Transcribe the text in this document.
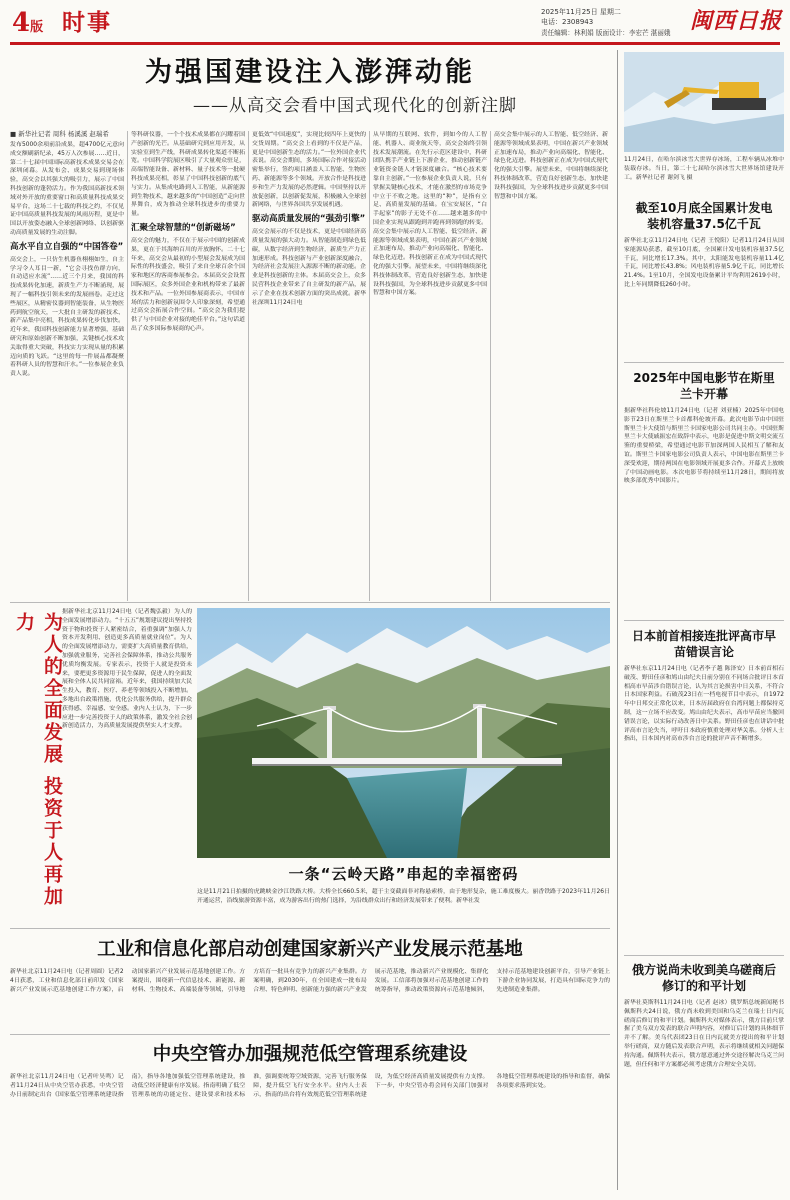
4版 时事	2025年11月25日 星期二
电话：2308943
责任编辑：林利娟 版面设计：李宏芒 湛丽娥 闽西日报
为强国建设注入澎湃动能
——从高交会看中国式现代化的创新注脚
■ 新华社记者 周科 杨溪溪 赵瑞希
发布5000余项前沿成果，超4700亿元意向成交额刷新纪录，45万人次参展……近日，第二十七届中国国际高新技术成果交易会在深圳闭幕。从发布会、成果交易到现场体验，高交会以其强大的吸引力，展示了中国科技创新的蓬勃活力。作为我国高新技术领域对外开放的重要窗口和高质量科技成果交易平台，这场二十七载的科技之约，不仅见证中国高质量科技发展的风雨历程，更是中国以开放姿态融入全球创新网络、以创新驱动高质量发展的生动注脚。
高水平自立自强的“中国答卷”
高交会上，一只仿生机器鱼栩栩如生，自主学习令人耳目一新，“它会寻找鱼群方向，自动适应水流”……近三个月来，我国的科技成果转化加速，新质生产力不断涌现，展现了一幅科技引领未来的发展画卷。走过这些展区，从精密仪器到智能装备，从生物医药到航空航天，一大批自主研发的新技术、新产品集中亮相，科技成果转化步伐加快。近年来，我国科技创新能力显著增强，基础研究和原始创新不断加强，关键核心技术攻关取得重大突破，科技实力实现从量的积累迈向质的飞跃。“这里的每一件展品都凝聚着科研人员的智慧和汗水。”一位参展企业负责人说。
等科研仪器，一个个技术成果都在闪耀着国产创新的光芒。从基础研究到应用开发，从实验室到生产线，科研成果转化渠道不断拓宽。中国科学院展区吸引了大量观众驻足，高端智能设备、新材料、量子技术等一批硬科技成果亮相，彰显了中国科技创新的底气与实力。从集成电路到人工智能，从新能源到生物技术，越来越多的“中国创造”走向世界舞台，成为推动全球科技进步的重要力量。
汇聚全球智慧的“创新磁场”
高交会的魅力，不仅在于展示中国的创新成果，更在于其海纳百川的开放胸怀。二十七年来，高交会从最初的小型展会发展成为国际性的科技盛会，吸引了来自全球百余个国家和地区的客商参展参会。本届高交会设置国际展区，众多外国企业和机构带来了最新技术和产品。一位外国参展商表示，中国市场的活力和创新氛围令人印象深刻，希望通过高交会拓展合作空间。“高交会为我们提供了与中国企业对接的绝佳平台。”这句话道出了众多国际参展商的心声。
更低效“中国速度”，实现比较四年上更快的交货周期。“高交会上看到的不仅是产品，更是中国创新生态的活力。”一位外国企业代表说。高交会期间，多场国际合作对接活动密集举行，签约项目涵盖人工智能、生物医药、新能源等多个领域。开放合作是科技进步和生产力发展的必然逻辑。中国坚持以开放促创新，以创新促发展，积极融入全球创新网络，与世界各国共享发展机遇。
驱动高质量发展的“强劲引擎”
高交会展示的不仅是技术，更是中国经济高质量发展的强大动力。从智能制造到绿色低碳，从数字经济到生物经济，新质生产力正加速形成。科技创新与产业创新深度融合，为经济社会发展注入源源不断的新动能。企业是科技创新的主体。本届高交会上，众多民营科技企业带来了自主研发的新产品，展示了企业在技术创新方面的突出成就。新华社深圳11月24日电
从早期的互联网、软件，到如今的人工智能、机器人、商业航天等，高交会始终引领技术发展潮流。在先行示范区建设中，科研团队携手产业链上下游企业，推动创新链产业链资金链人才链深度融合。“核心技术要靠自主创新。”一位参展企业负责人说，只有掌握关键核心技术，才能在激烈的市场竞争中立于不败之地。这里的“种”，是指有立足、高质量发展的基础。在宝安展区，“白手起家”的影子无处不在……越来越多的中国企业实现从跟跑到并跑再到领跑的转变。 高交会集中展示的人工智能、低空经济、新能源等领域成果表明，中国在新兴产业领域正加速布局，推动产业向高端化、智能化、绿色化迈进。科技创新正在成为中国式现代化的强大引擎。展望未来，中国将继续深化科技体制改革，营造良好创新生态，加快建设科技强国，为全球科技进步贡献更多中国智慧和中国方案。
高交会集中展示的人工智能、低空经济、新能源等领域成果表明，中国在新兴产业领域正加速布局，推动产业向高端化、智能化、绿色化迈进。科技创新正在成为中国式现代化的强大引擎。展望未来，中国将继续深化科技体制改革，营造良好创新生态，加快建设科技强国，为全球科技进步贡献更多中国智慧和中国方案。
11月24日，在哈尔滨冰雪大世界存冰场，工程车辆从冰堆中装载存冰。当日，第二十七届哈尔滨冰雪大世界场馆建设开工。新华社记者 谢剑飞 摄
截至10月底全国累计发电装机容量37.5亿千瓦
新华社北京11月24日电（记者 王悦阳）记者11月24日从国家能源局获悉，截至10月底，全国累计发电装机容量37.5亿千瓦，同比增长17.3%。其中，太阳能发电装机容量11.4亿千瓦，同比增长43.8%；风电装机容量5.9亿千瓦，同比增长21.4%。1至10月，全国发电设备累计平均利用2619小时，比上年同期降低260小时。
2025年中国电影节在斯里兰卡开幕
据新华社科伦坡11月24日电（记者 刘亚楠）2025年中国电影节23日在斯里兰卡首都科伦坡开幕。此次电影节由中国驻斯里兰卡大使馆与斯里兰卡国家电影公司共同主办。中国驻斯里兰卡大使戚振宏在致辞中表示，电影是促进中斯文明交流互鉴的重要桥梁，希望通过电影节加深两国人民相互了解和友谊。斯里兰卡国家电影公司负责人表示，中国电影在斯里兰卡深受欢迎，期待两国在电影领域开展更多合作。开幕式上放映了中国动画电影。本次电影节将持续至11月28日，期间将放映多部优秀中国影片。
日本前首相接连批评高市早苗错误言论
新华社东京11月24日电（记者李子越 陈泽安）日本前首相石破茂、野田佳彦和鸠山由纪夫日前分别在不同场合批评日本首相高市早苗涉台错误言论，认为其言论损害中日关系，不符合日本国家利益。石破茂23日在一档电视节目中表示，自1972年中日邦交正常化以来，日本历届政府在台湾问题上都保持克制，这一立场不应改变。鸠山由纪夫表示，高市早苗应当撤回错误言论，以实际行动改善日中关系。野田佳彦也在讲话中批评高市言论失当，呼吁日本政府慎重处理对华关系。分析人士指出，日本国内对高市涉台言论的批评声音不断增多。
俄方说尚未收到美乌磋商后修订的和平计划
新华社莫斯科11月24日电（记者 赵冰）俄罗斯总统新闻秘书佩斯科夫24日说，俄方尚未收到美国和乌克兰在瑞士日内瓦磋商后修订的和平计划。佩斯科夫对媒体表示，俄方目前只掌握了美乌双方发表的联合声明内容，对修订后计划的具体细节并不了解。美乌代表团23日在日内瓦就美方提出的和平计划举行磋商，双方随后发表联合声明，表示将继续就相关问题保持沟通。佩斯科夫表示，俄方愿意通过外交途径解决乌克兰问题，但任何和平方案都必须考虑俄方合理安全关切。
为人的全面发展 投资于人再加力	据新华社北京11月24日电（记者魏弘毅）为人的全面发展增添动力。“十五五”规划建议提出坚持投资于物和投资于人紧密结合，着重强调“加强人力资本开发利用、创造更多高质量就业岗位”。为人的全面发展增添动力，需要扩大高质量教育供给，加强就业服务，完善社会保障体系，推动公共服务优质均衡发展。专家表示，投资于人就是投资未来，要把更多资源用于民生保障，促进人的全面发展和全体人民共同富裕。近年来，我国持续加大民生投入，教育、医疗、养老等领域投入不断增加。多地出台政策措施，优化公共服务供给，提升群众获得感、幸福感、安全感。业内人士认为，下一步应进一步完善投资于人的政策体系，激发全社会创新创造活力，为高质量发展提供坚实人才支撑。
一条“云岭天路”串起的幸福密码
这是11月21日拍摄的虎跳峡金沙江铁路大桥。大桥全长660.5米，超于主变截面非对称悬索桥，由于地形复杂，施工难度极大。丽香铁路于2023年11月26日开通运营，沿线旅游资源丰富，成为游客出行的热门选择，为沿线群众出行和经济发展带来了便利。新华社发
工业和信息化部启动创建国家新兴产业发展示范基地
新华社北京11月24日电（记者周圆）记者24日获悉，工业和信息化部日前印发《国家新兴产业发展示范基地创建工作方案》，启动国家新兴产业发展示范基地创建工作。方案提出，围绕新一代信息技术、新能源、新材料、生物技术、高端装备等领域，引导地方培育一批具有竞争力的新兴产业集群。方案明确，到2030年，在全国建成一批布局合理、特色鲜明、创新能力强的新兴产业发展示范基地，推动新兴产业规模化、集群化发展。工信部将加强对示范基地创建工作的统筹指导，推动政策资源向示范基地倾斜，支持示范基地建设创新平台，引导产业链上下游企业协同发展，打造具有国际竞争力的先进制造业集群。
中央空管办加强规范低空管理系统建设
新华社北京11月24日电（记者叶昊鸣）记者11月24日从中央空管办获悉，中央空管办日前制定出台《国家低空管理系统建设指南》，指导各地加强低空管理系统建设，推动低空经济健康有序发展。指南明确了低空管理系统的功能定位、建设要求和技术标准，强调要统筹空域资源，完善飞行服务保障，提升低空飞行安全水平。业内人士表示，指南的出台将有效规范低空管理系统建设，为低空经济高质量发展提供有力支撑。下一步，中央空管办将会同有关部门加强对各地低空管理系统建设的指导和监督，确保各项要求落到实处。
